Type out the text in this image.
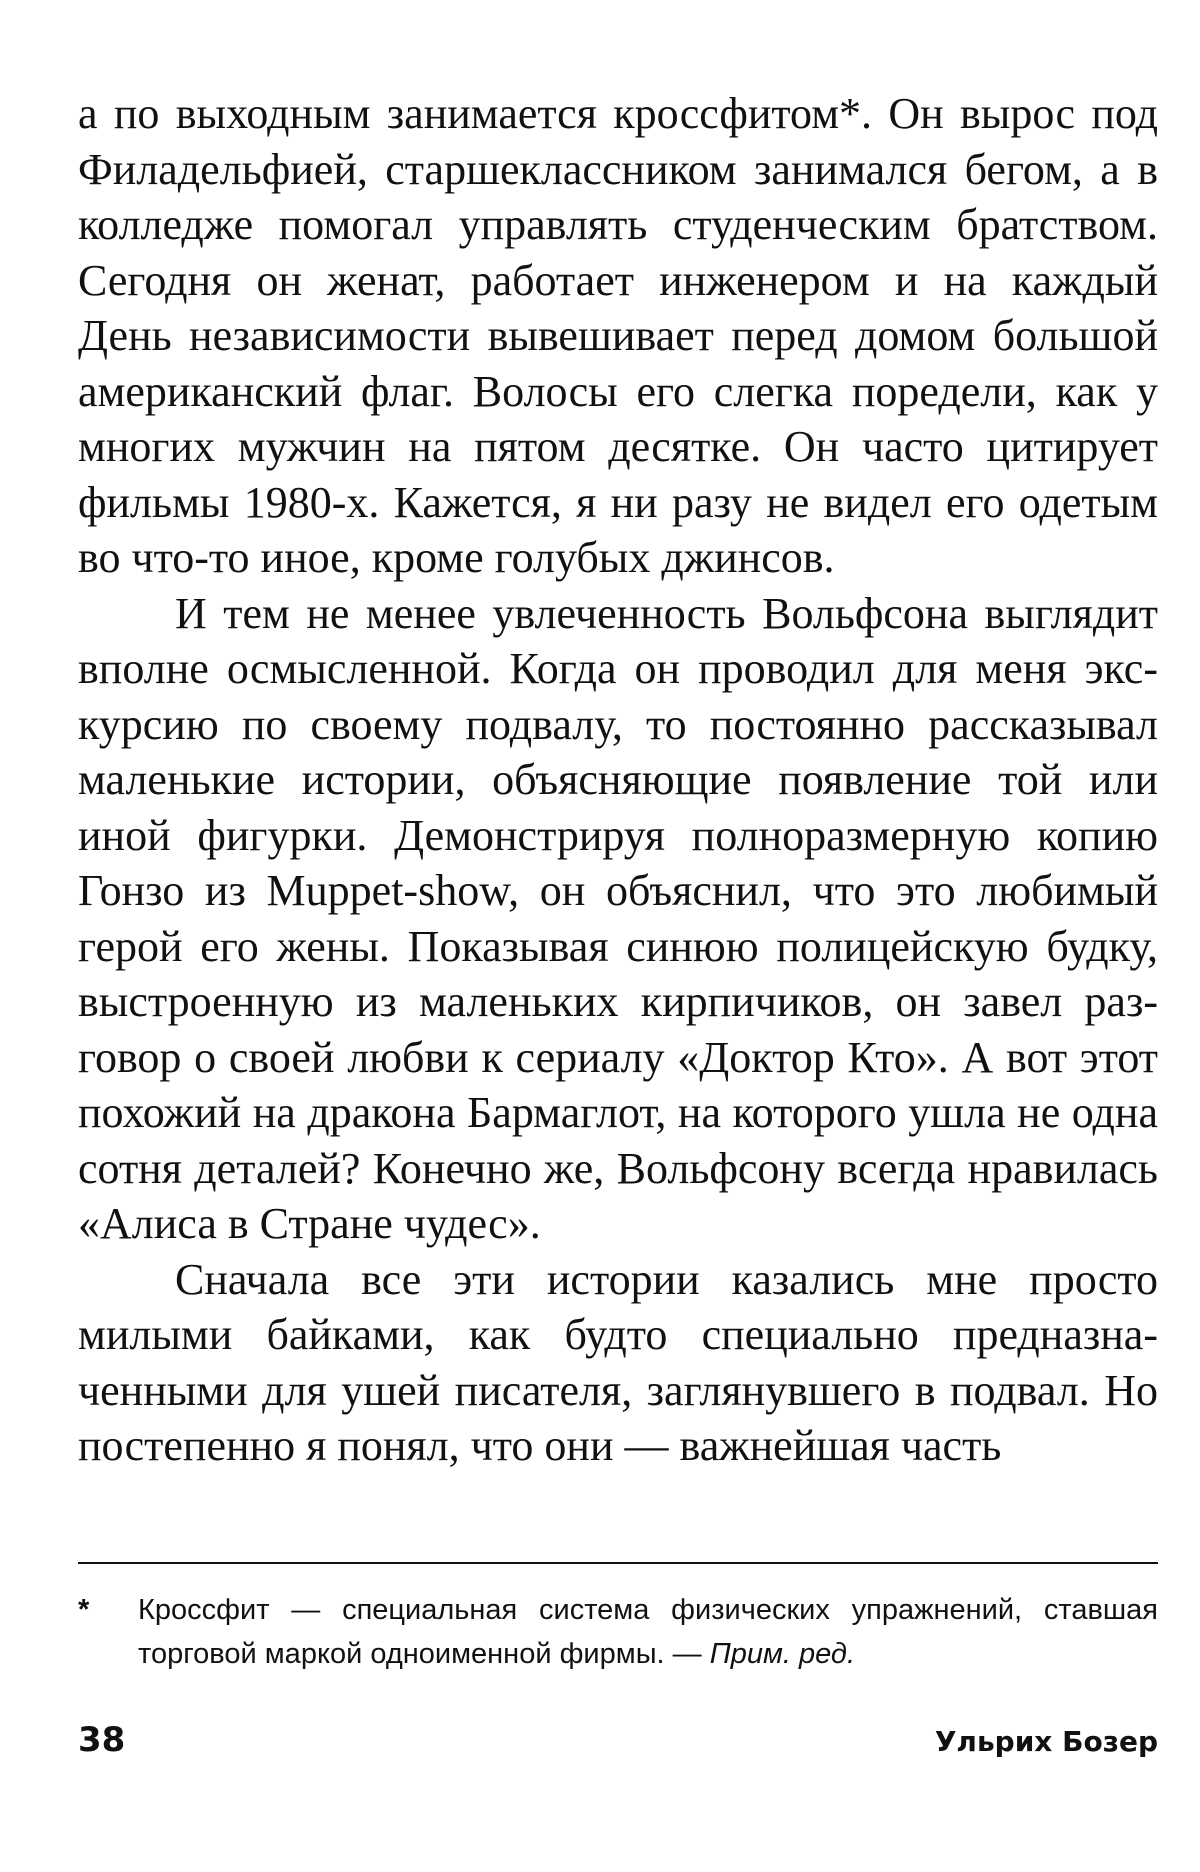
а по выходным занимается кроссфитом*. Он вырос под Филадельфией, старшеклассником занимался бегом, а в колледже помогал управлять студенческим братством. Сегодня он женат, работает инженером и на каждый День независимости вывешивает перед домом большой американский флаг. Волосы его слегка поредели, как у многих мужчин на пятом десятке. Он часто цитирует фильмы 1980-х. Кажется, я ни разу не видел его одетым во что-то иное, кроме голубых джинсов.

И тем не менее увлеченность Вольфсона выглядит вполне осмысленной. Когда он проводил для меня экскурсию по своему подвалу, то постоянно рассказывал маленькие истории, объясняющие появление той или иной фигурки. Демонстрируя полноразмерную копию Гонзо из Muppet-show, он объяснил, что это любимый герой его жены. Показывая синюю полицейскую будку, выстроенную из маленьких кирпичиков, он завел разговор о своей любви к сериалу «Доктор Кто». А вот этот похожий на дракона Бармаглот, на которого ушла не одна сотня деталей? Конечно же, Вольфсону всегда нравилась «Алиса в Стране чудес».

Сначала все эти истории казались мне просто милыми байками, как будто специально предназначенными для ушей писателя, заглянувшего в подвал. Но постепенно я понял, что они — важнейшая часть

*	Кроссфит — специальная система физических упражнений, ставшая торговой маркой одноименной фирмы. — Прим. ред.
38	Ульрих Бозер
